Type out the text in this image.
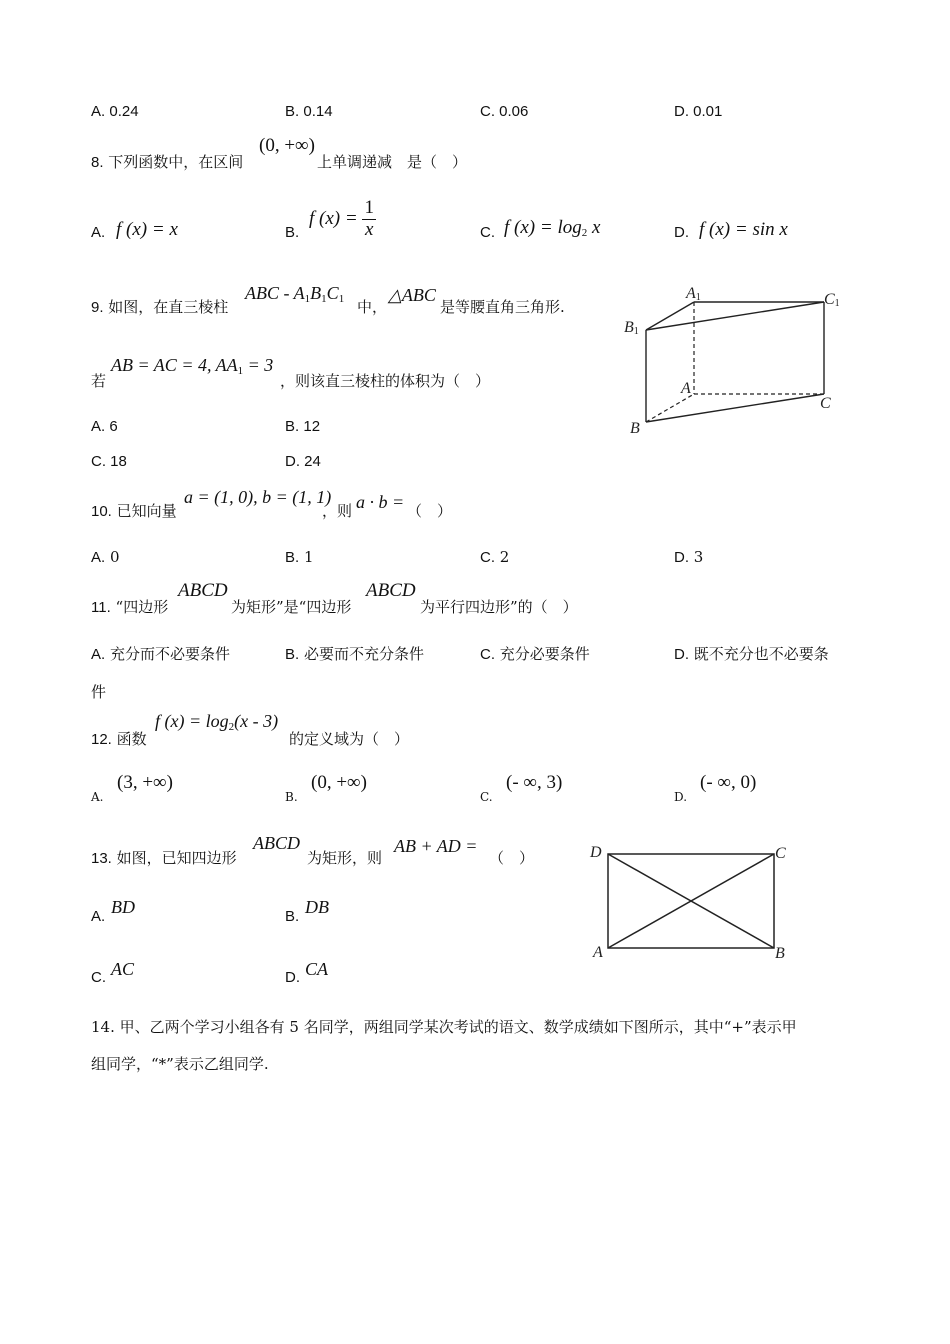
A. 0.24	B. 0.14	C. 0.06	D. 0.01
8. 下列函数中，在区间
(0, +∞)
上单调递减　是（　）
A. f (x) = x	B.
f $(x) = \frac{1}{x}$	C. f $(x) = \log_2 x$	D. f (x) = sin x
9. 如图，在直三棱柱
ABC - $A_1B_1C_1$ 中，
△ABC
是等腰直角三角形.
若
AB = AC = 4, $AA_1 = 3$
，则该直三棱柱的体积为（　）
A. 6	B. 12
C. 18	D. 24
A1	C1
B1
A
C
B
10. 已知向量
a = (1, 0), b = (1, 1)
，则 a · b = （　）
A. 0	B. 1	C. 2	D. 3
11. “四边形
ABCD
为矩形”是“四边形
ABCD
为平行四边形”的（　）
A. 充分而不必要条件	B. 必要而不充分条件	C. 充分必要条件	D. 既不充分也不必要条
件
12. 函数
f $(x) = \log_2(x - 3)$
的定义域为（　）
A.
(3, +∞)
B.
(0, +∞)
C.
(- ∞, 3)
D.
(- ∞, 0)
13. 如图，已知四边形
ABCD
为矩形，则
AB + AD =
（　）
A. BD	B. DB
C. AC	D. CA
D	C
A	B
14. 甲、乙两个学习小组各有 5 名同学，两组同学某次考试的语文、数学成绩如下图所示，其中“+”表示甲
组同学，“*”表示乙组同学.
